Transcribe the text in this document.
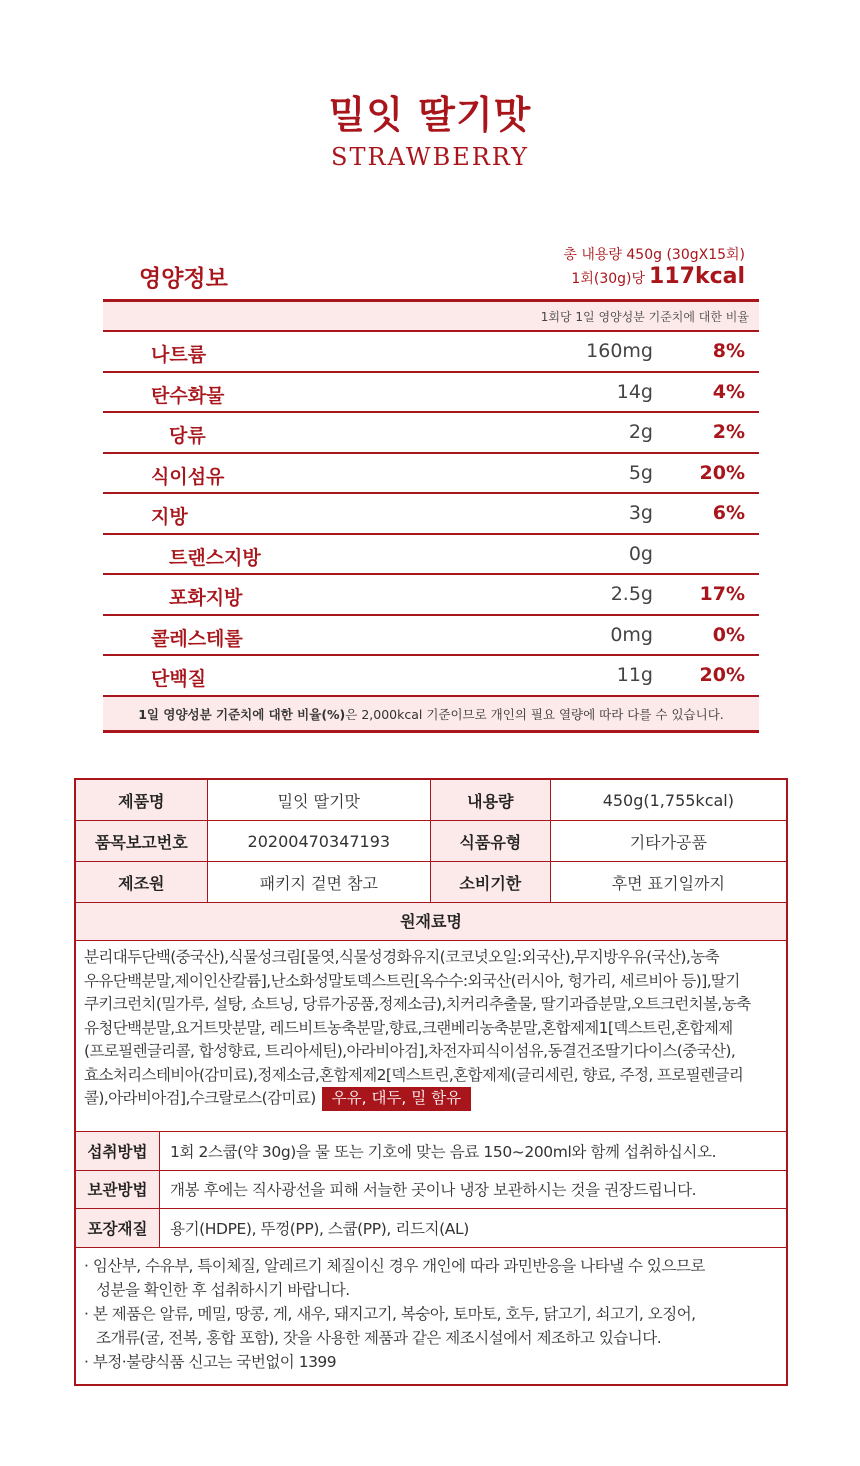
밀잇 딸기맛
STRAWBERRY
영양정보
총 내용량 450g (30gX15회)
1회(30g)당 117kcal
1회당 1일 영양성분 기준치에 대한 비율
나트륨	160mg	8%
탄수화물	14g	4%
당류	2g	2%
식이섬유	5g 20%
지방	3g	6%
트랜스지방	0g
포화지방	2.5g 17%
콜레스테롤	0mg	0%
단백질	11g 20%
1일 영양성분 기준치에 대한 비율(%)은 2,000kcal 기준이므로 개인의 필요 열량에 따라 다를 수 있습니다.
제품명	밀잇 딸기맛	내용량	450g(1,755kcal)
품목보고번호	20200470347193	식품유형	기타가공품
제조원	패키지 겉면 참고	소비기한	후면 표기일까지
원재료명
분리대두단백(중국산),식물성크림[물엿,식물성경화유지(코코넛오일:외국산),무지방우유(국산),농축
우유단백분말,제이인산칼륨],난소화성말토덱스트린[옥수수:외국산(러시아, 헝가리, 세르비아 등)],딸기
쿠키크런치(밀가루, 설탕, 쇼트닝, 당류가공품,정제소금),치커리추출물, 딸기과즙분말,오트크런치볼,농축
유청단백분말,요거트맛분말, 레드비트농축분말,향료,크랜베리농축분말,혼합제제1[덱스트린,혼합제제
(프로필렌글리콜, 합성향료, 트리아세틴),아라비아검],차전자피식이섬유,동결건조딸기다이스(중국산),
효소처리스테비아(감미료),정제소금,혼합제제2[덱스트린,혼합제제(글리세린, 향료, 주정, 프로필렌글리
콜),아라비아검],수크랄로스(감미료) 우유, 대두, 밀 함유
섭취방법	1회 2스쿱(약 30g)을 물 또는 기호에 맞는 음료 150~200ml와 함께 섭취하십시오.
보관방법	개봉 후에는 직사광선을 피해 서늘한 곳이나 냉장 보관하시는 것을 권장드립니다.
포장재질	용기(HDPE), 뚜껑(PP), 스쿱(PP), 리드지(AL)
· 임산부, 수유부, 특이체질, 알레르기 체질이신 경우 개인에 따라 과민반응을 나타낼 수 있으므로
성분을 확인한 후 섭취하시기 바랍니다.
· 본 제품은 알류, 메밀, 땅콩, 게, 새우, 돼지고기, 복숭아, 토마토, 호두, 닭고기, 쇠고기, 오징어,
조개류(굴, 전복, 홍합 포함), 잣을 사용한 제품과 같은 제조시설에서 제조하고 있습니다.
· 부정·불량식품 신고는 국번없이 1399
